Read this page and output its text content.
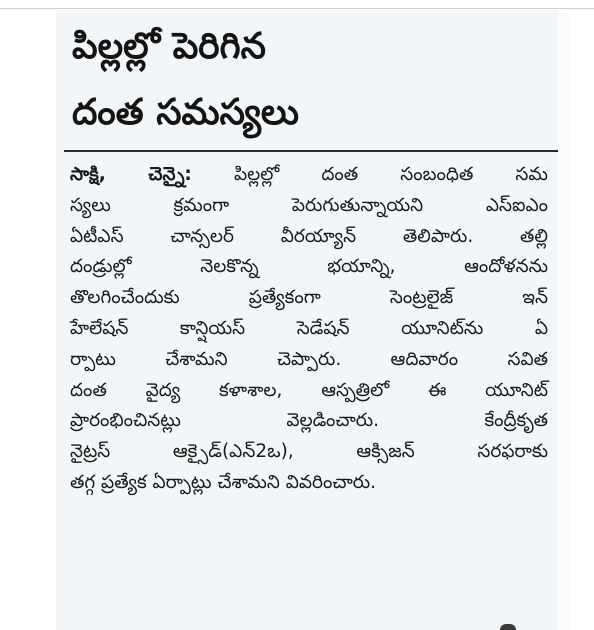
పిల్లల్లో పెరిగిన
దంత సమస్యలు
సాక్షి, చెన్నై: పిల్లల్లో దంత సంబంధిత సమ
స్యలు క్రమంగా పెరుగుతున్నాయని ఎస్ఐఎం
ఏటీఎస్ చాన్సలర్ వీరయ్యాన్ తెలిపారు. తల్లి
దండ్రుల్లో నెలకొన్న భయాన్ని, ఆందోళనను
తొలగించేందుకు ప్రత్యేకంగా సెంట్రలైజ్ ఇన్
హేలేషన్ కాన్షియస్ సెడేషన్ యూనిట్‌ను ఏ
ర్పాటు చేశామని చెప్పారు. ఆదివారం సవిత
దంత వైద్య కళాశాల, ఆస్పత్రిలో ఈ యూనిట్
ప్రారంభించినట్లు వెల్లడించారు. కేంద్రీకృత
నైట్రస్ ఆక్సైడ్(ఎన్2ఒ), ఆక్సిజన్ సరఫరాకు
తగ్గ ప్రత్యేక ఏర్పాట్లు చేశామని వివరించారు.
